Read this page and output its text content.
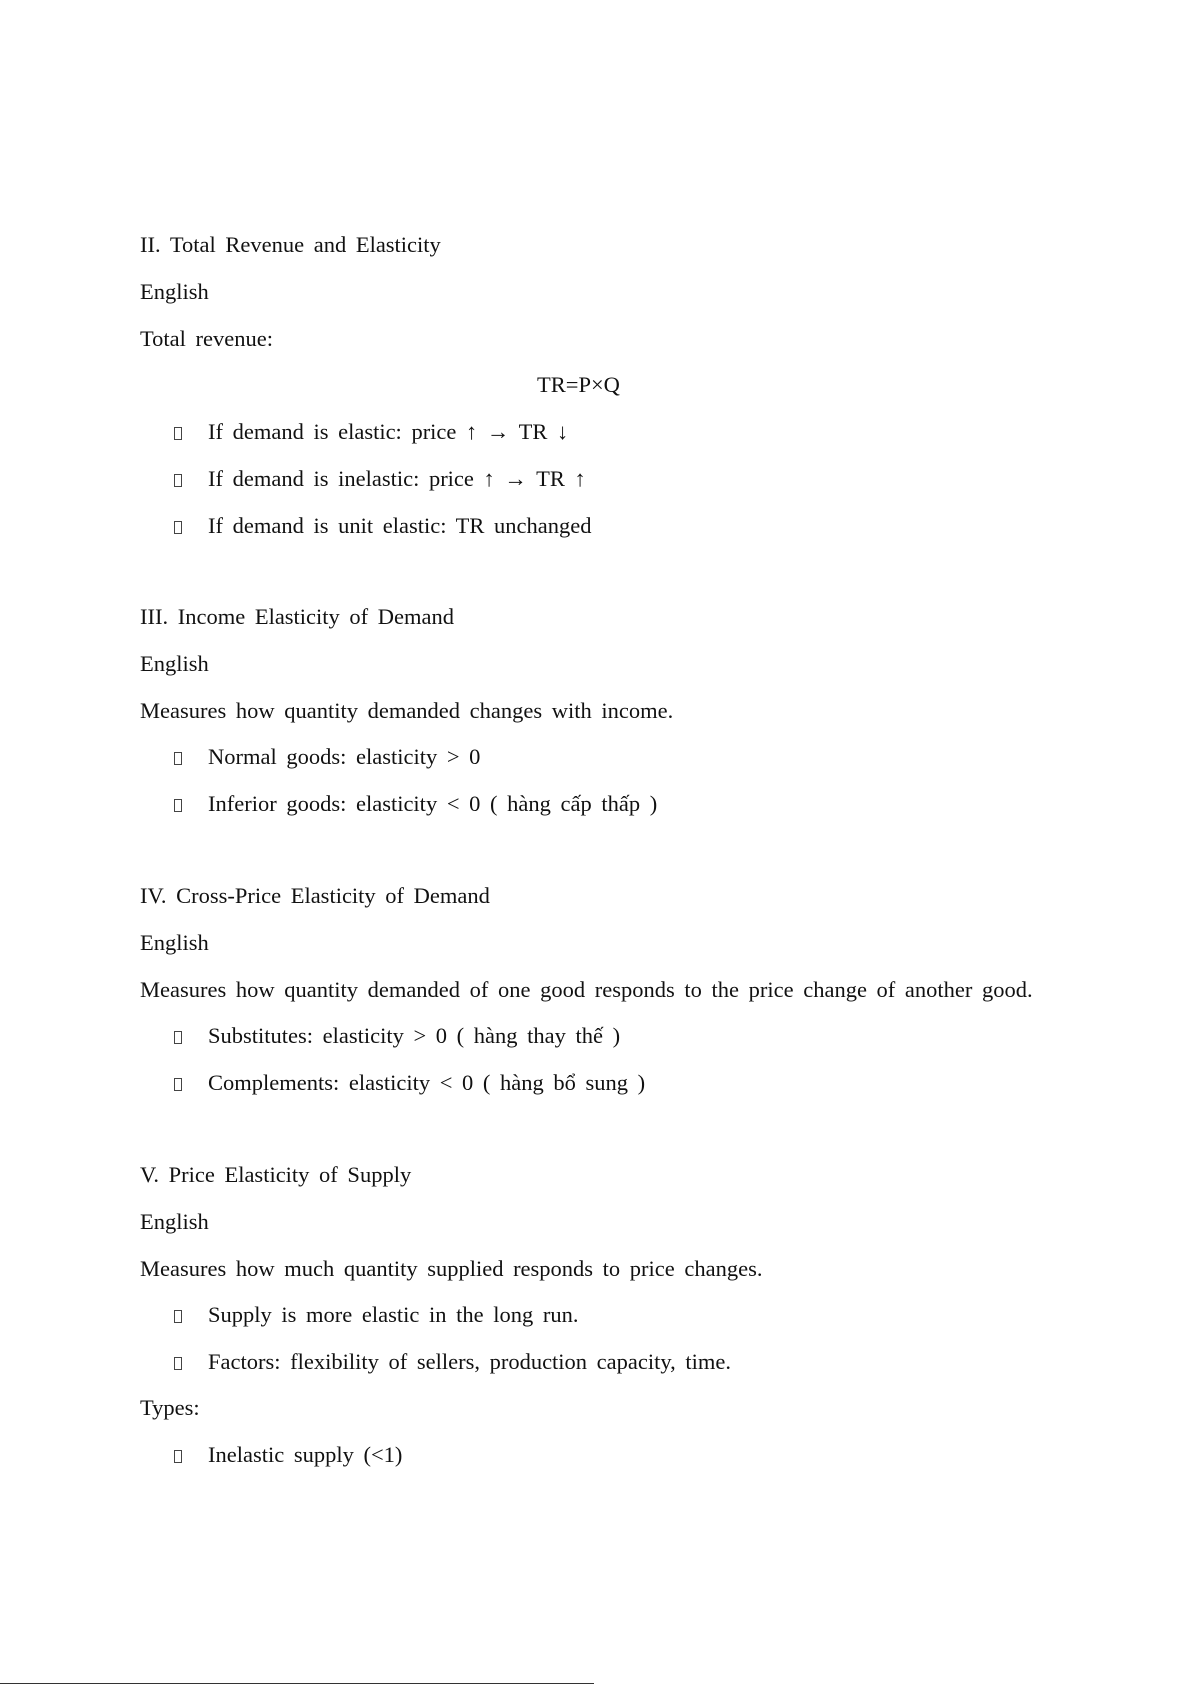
II. Total Revenue and Elasticity
English
Total revenue:
TR=P×Q
If demand is elastic: price ↑ → TR ↓
If demand is inelastic: price ↑ → TR ↑
If demand is unit elastic: TR unchanged
III. Income Elasticity of Demand
English
Measures how quantity demanded changes with income.
Normal goods: elasticity > 0
Inferior goods: elasticity < 0 ( hàng cấp thấp )
IV. Cross-Price Elasticity of Demand
English
Measures how quantity demanded of one good responds to the price change of another good.
Substitutes: elasticity > 0 ( hàng thay thế )
Complements: elasticity < 0 ( hàng bổ sung )
V. Price Elasticity of Supply
English
Measures how much quantity supplied responds to price changes.
Supply is more elastic in the long run.
Factors: flexibility of sellers, production capacity, time.
Types:
Inelastic supply (<1)
